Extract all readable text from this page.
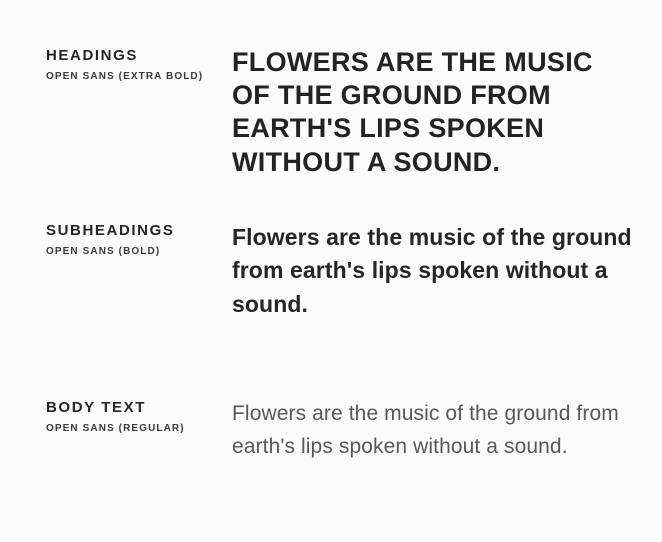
HEADINGS

OPEN SANS (EXTRA BOLD)	FLOWERS ARE THE MUSIC OF THE GROUND FROM EARTH'S LIPS SPOKEN WITHOUT A SOUND.

SUBHEADINGS

OPEN SANS (BOLD)

Flowers are the music of the ground from earth's lips spoken without a sound.

BODY TEXT

OPEN SANS (REGULAR)

Flowers are the music of the ground from earth's lips spoken without a sound.
